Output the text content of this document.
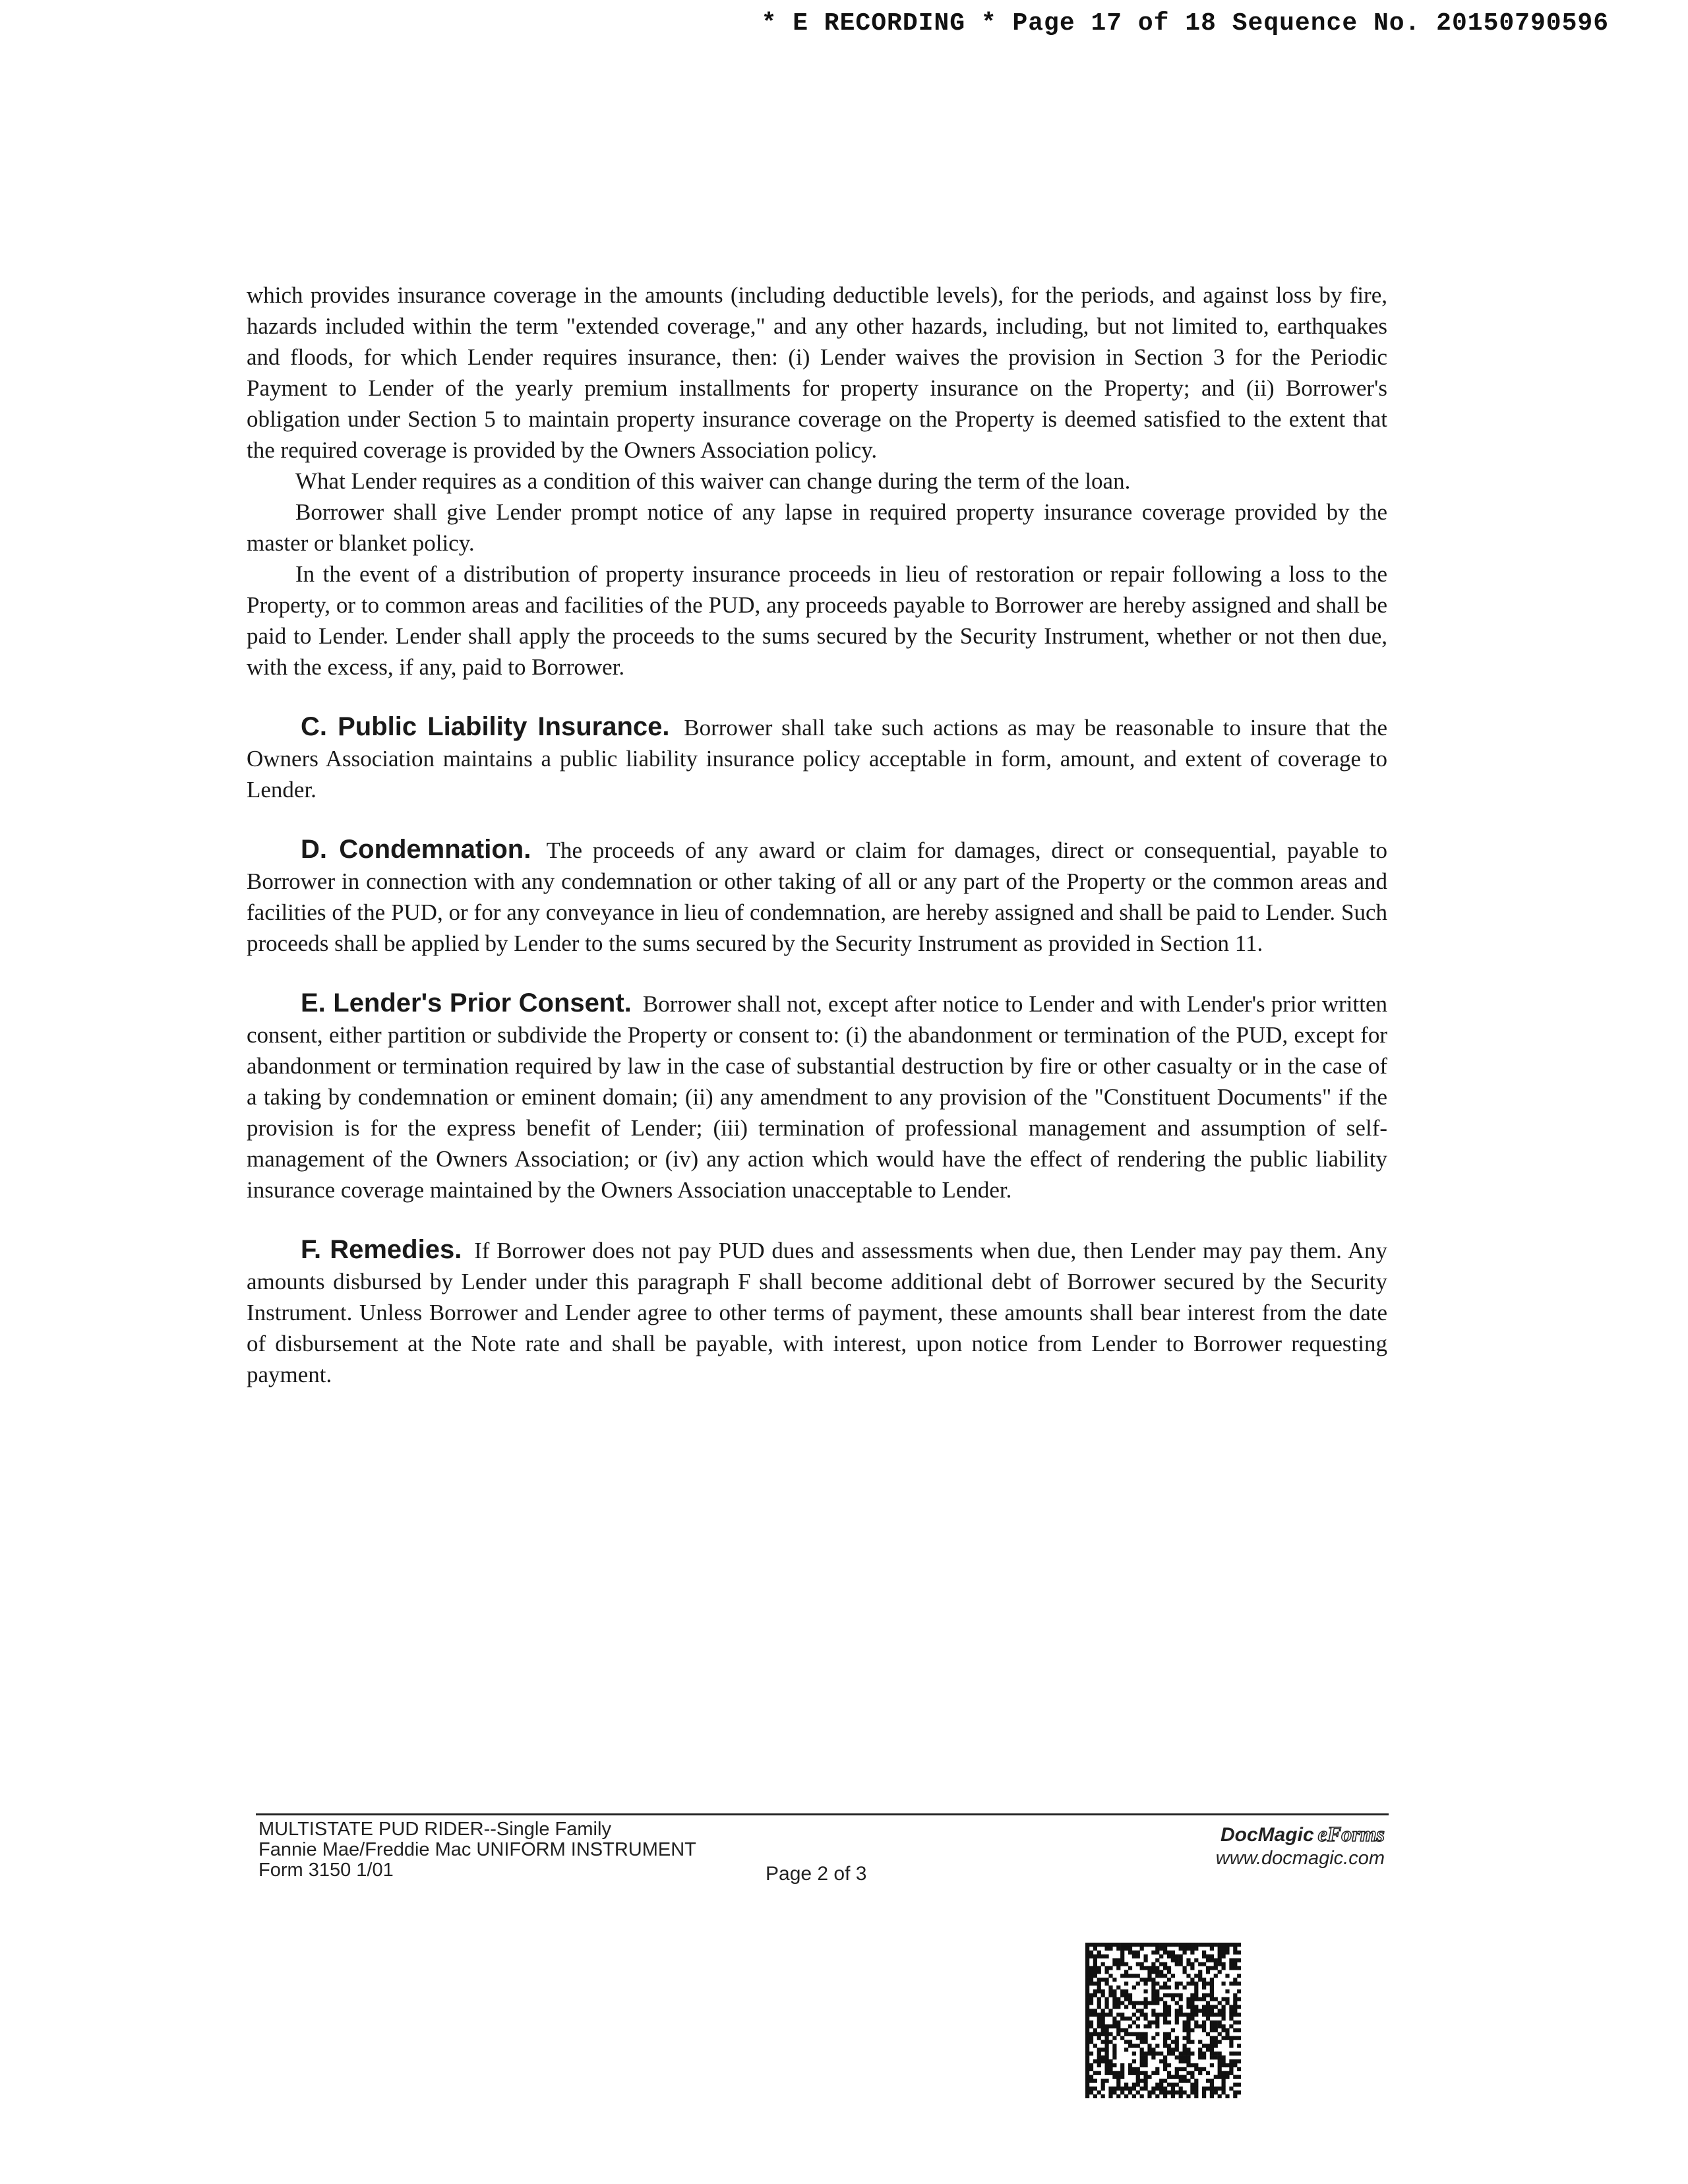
* E RECORDING * Page 17 of 18 Sequence No. 20150790596

which provides insurance coverage in the amounts (including deductible levels), for the periods, and against loss by fire, hazards included within the term "extended coverage," and any other hazards, including, but not limited to, earthquakes and floods, for which Lender requires insurance, then: (i) Lender waives the provision in Section 3 for the Periodic Payment to Lender of the yearly premium installments for property insurance on the Property; and (ii) Borrower's obligation under Section 5 to maintain property insurance coverage on the Property is deemed satisfied to the extent that the required coverage is provided by the Owners Association policy.

What Lender requires as a condition of this waiver can change during the term of the loan.

Borrower shall give Lender prompt notice of any lapse in required property insurance coverage provided by the master or blanket policy.

In the event of a distribution of property insurance proceeds in lieu of restoration or repair following a loss to the Property, or to common areas and facilities of the PUD, any proceeds payable to Borrower are hereby assigned and shall be paid to Lender. Lender shall apply the proceeds to the sums secured by the Security Instrument, whether or not then due, with the excess, if any, paid to Borrower.

C. Public Liability Insurance. Borrower shall take such actions as may be reasonable to insure that the Owners Association maintains a public liability insurance policy acceptable in form, amount, and extent of coverage to Lender.

D. Condemnation. The proceeds of any award or claim for damages, direct or consequential, payable to Borrower in connection with any condemnation or other taking of all or any part of the Property or the common areas and facilities of the PUD, or for any conveyance in lieu of condemnation, are hereby assigned and shall be paid to Lender. Such proceeds shall be applied by Lender to the sums secured by the Security Instrument as provided in Section 11.

E. Lender's Prior Consent. Borrower shall not, except after notice to Lender and with Lender's prior written consent, either partition or subdivide the Property or consent to: (i) the abandonment or termination of the PUD, except for abandonment or termination required by law in the case of substantial destruction by fire or other casualty or in the case of a taking by condemnation or eminent domain; (ii) any amendment to any provision of the "Constituent Documents" if the provision is for the express benefit of Lender; (iii) termination of professional management and assumption of self-management of the Owners Association; or (iv) any action which would have the effect of rendering the public liability insurance coverage maintained by the Owners Association unacceptable to Lender.

F. Remedies. If Borrower does not pay PUD dues and assessments when due, then Lender may pay them. Any amounts disbursed by Lender under this paragraph F shall become additional debt of Borrower secured by the Security Instrument. Unless Borrower and Lender agree to other terms of payment, these amounts shall bear interest from the date of disbursement at the Note rate and shall be payable, with interest, upon notice from Lender to Borrower requesting payment.

MULTISTATE PUD RIDER--Single Family
Fannie Mae/Freddie Mac UNIFORM INSTRUMENT
Form 3150 1/01	Page 2 of 3
DocMagic eForms
www.docmagic.com
